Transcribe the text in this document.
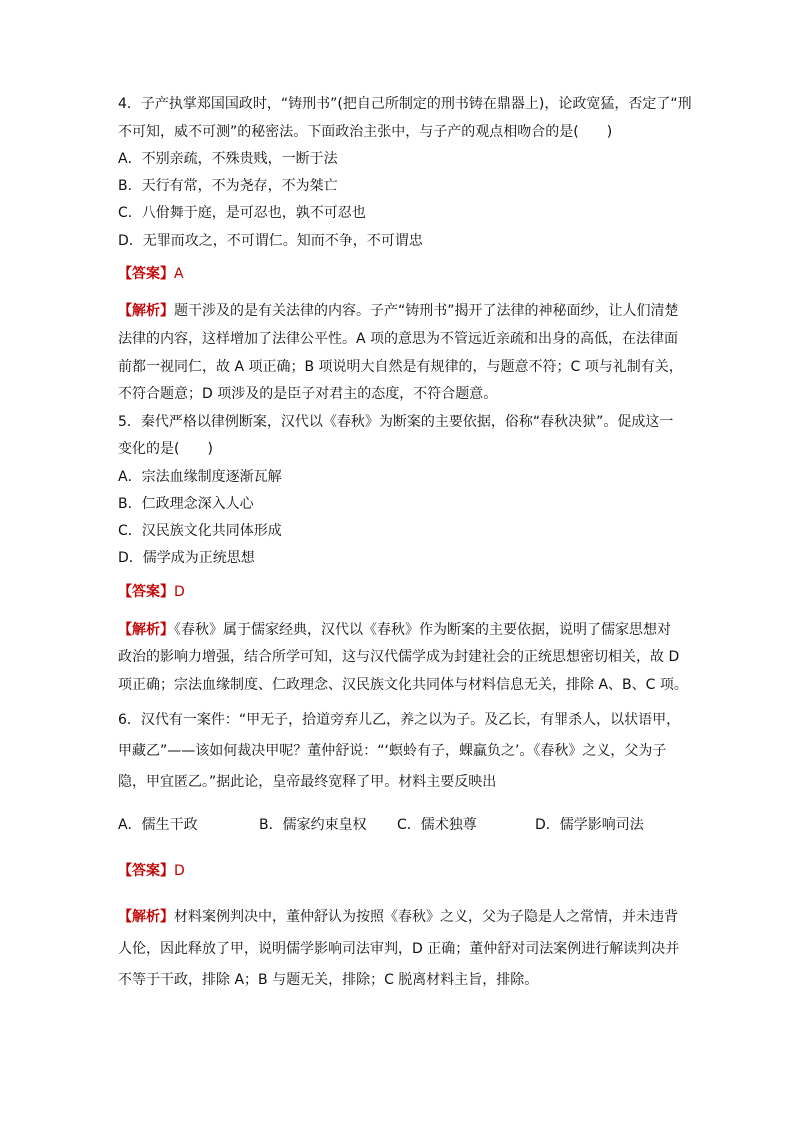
4．子产执掌郑国国政时，“铸刑书”(把自己所制定的刑书铸在鼎器上)，论政宽猛，否定了“刑
不可知，威不可测”的秘密法。下面政治主张中，与子产的观点相吻合的是(　　)
A．不别亲疏，不殊贵贱，一断于法
B．天行有常，不为尧存，不为桀亡
C．八佾舞于庭，是可忍也，孰不可忍也
D．无罪而攻之，不可谓仁。知而不争，不可谓忠
【答案】A
【解析】题干涉及的是有关法律的内容。子产“铸刑书”揭开了法律的神秘面纱，让人们清楚
法律的内容，这样增加了法律公平性。A 项的意思为不管远近亲疏和出身的高低，在法律面
前都一视同仁，故 A 项正确；B 项说明大自然是有规律的，与题意不符；C 项与礼制有关，
不符合题意；D 项涉及的是臣子对君主的态度，不符合题意。
5．秦代严格以律例断案，汉代以《春秋》为断案的主要依据，俗称“春秋决狱”。促成这一
变化的是(　　)
A．宗法血缘制度逐渐瓦解
B．仁政理念深入人心
C．汉民族文化共同体形成
D．儒学成为正统思想
【答案】D
【解析】《春秋》属于儒家经典，汉代以《春秋》作为断案的主要依据，说明了儒家思想对
政治的影响力增强，结合所学可知，这与汉代儒学成为封建社会的正统思想密切相关，故 D
项正确；宗法血缘制度、仁政理念、汉民族文化共同体与材料信息无关，排除 A、B、C 项。
6．汉代有一案件：“甲无子，拾道旁弃儿乙，养之以为子。及乙长，有罪杀人，以状语甲，
甲藏乙”——该如何裁决甲呢？董仲舒说：“‘螟蛉有子，蜾蠃负之’。《春秋》之义，父为子
隐，甲宜匿乙。”据此论，皇帝最终宽释了甲。材料主要反映出
A．儒生干政	B．儒家约束皇权 C．儒术独尊	D．儒学影响司法
【答案】D
【解析】材料案例判决中，董仲舒认为按照《春秋》之义，父为子隐是人之常情，并未违背
人伦，因此释放了甲，说明儒学影响司法审判，D 正确；董仲舒对司法案例进行解读判决并
不等于干政，排除 A；B 与题无关，排除；C 脱离材料主旨，排除。
